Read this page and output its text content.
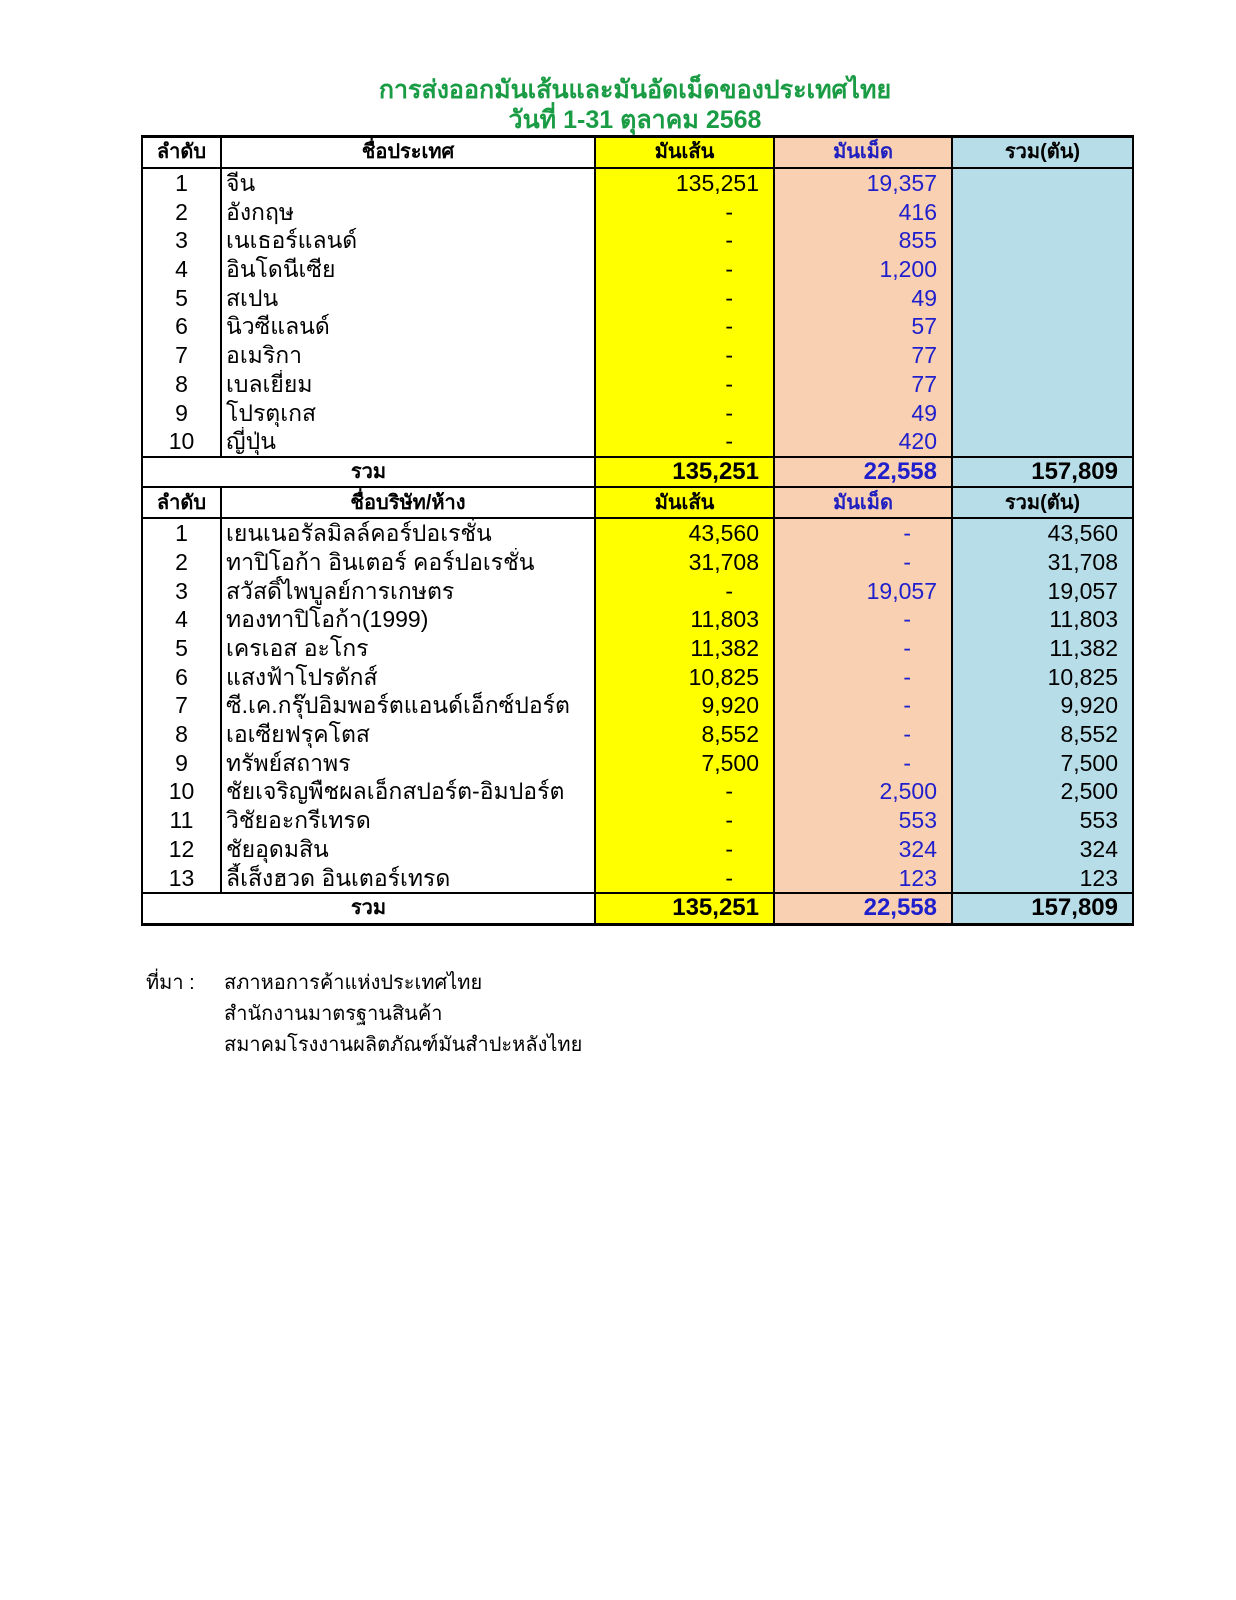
การส่งออกมันเส้นและมันอัดเม็ดของประเทศไทย
วันที่ 1-31 ตุลาคม 2568
ลำดับ	ชื่อประเทศ	มันเส้น	มันเม็ด	รวม(ตัน)
1	จีน	135,251	19,357	
2	อังกฤษ	-	416	
3	เนเธอร์แลนด์	-	855	
4	อินโดนีเซีย	-	1,200	
5	สเปน	-	49	
6	นิวซีแลนด์	-	57	
7	อเมริกา	-	77	
8	เบลเยี่ยม	-	77	
9	โปรตุเกส	-	49	
10	ญี่ปุ่น	-	420	
รวม		135,251	22,558	157,809
ลำดับ	ชื่อบริษัท/ห้าง	มันเส้น	มันเม็ด	รวม(ตัน)
1	เยนเนอรัลมิลล์คอร์ปอเรชั่น	43,560	-	43,560
2	ทาปิโอก้า อินเตอร์ คอร์ปอเรชั่น	31,708	-	31,708
3	สวัสดิ์ไพบูลย์การเกษตร	-	19,057	19,057
4	ทองทาปิโอก้า(1999)	11,803	-	11,803
5	เครเอส อะโกร	11,382	-	11,382
6	แสงฟ้าโปรดักส์	10,825	-	10,825
7	ซี.เค.กรุ๊ปอิมพอร์ตแอนด์เอ็กซ์ปอร์ต	9,920	-	9,920
8	เอเซียฟรุคโตส	8,552	-	8,552
9	ทรัพย์สถาพร	7,500	-	7,500
10	ชัยเจริญพืชผลเอ็กสปอร์ต-อิมปอร์ต	-	2,500	2,500
11	วิชัยอะกรีเทรด	-	553	553
12	ชัยอุดมสิน	-	324	324
13	ลี้เส็งฮวด อินเตอร์เทรด	-	123	123
รวม		135,251	22,558	157,809
ที่มา :	สภาหอการค้าแห่งประเทศไทย
สำนักงานมาตรฐานสินค้า
สมาคมโรงงานผลิตภัณฑ์มันสำปะหลังไทย
